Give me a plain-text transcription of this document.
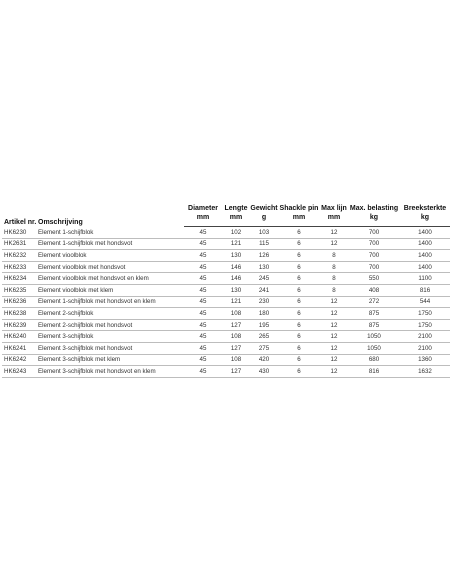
Artikel nr.	Omschrijving	Diameter	Lengte	Gewicht	Shackle pin	Max lijn	Max. belasting	Breeksterkte
		mm	mm	g	mm	mm	kg	kg
HK6230	Element 1-schijfblok	45	102	103	6	12	700	1400
HK2631	Element 1-schijfblok met hondsvot	45	121	115	6	12	700	1400
HK6232	Element vioolblok	45	130	126	6	8	700	1400
HK6233	Element vioolblok met hondsvot	45	146	130	6	8	700	1400
HK6234	Element vioolblok met hondsvot en klem	45	146	245	6	8	550	1100
HK6235	Element vioolblok met klem	45	130	241	6	8	408	816
HK6236	Element 1-schijfblok met hondsvot en klem	45	121	230	6	12	272	544
HK6238	Element 2-schijfblok	45	108	180	6	12	875	1750
HK6239	Element 2-schijfblok met hondsvot	45	127	195	6	12	875	1750
HK6240	Element 3-schijfblok	45	108	265	6	12	1050	2100
HK6241	Element 3-schijfblok met hondsvot	45	127	275	6	12	1050	2100
HK6242	Element 3-schijfblok met klem	45	108	420	6	12	680	1360
HK6243	Element 3-schijfblok met hondsvot en klem	45	127	430	6	12	816	1632
